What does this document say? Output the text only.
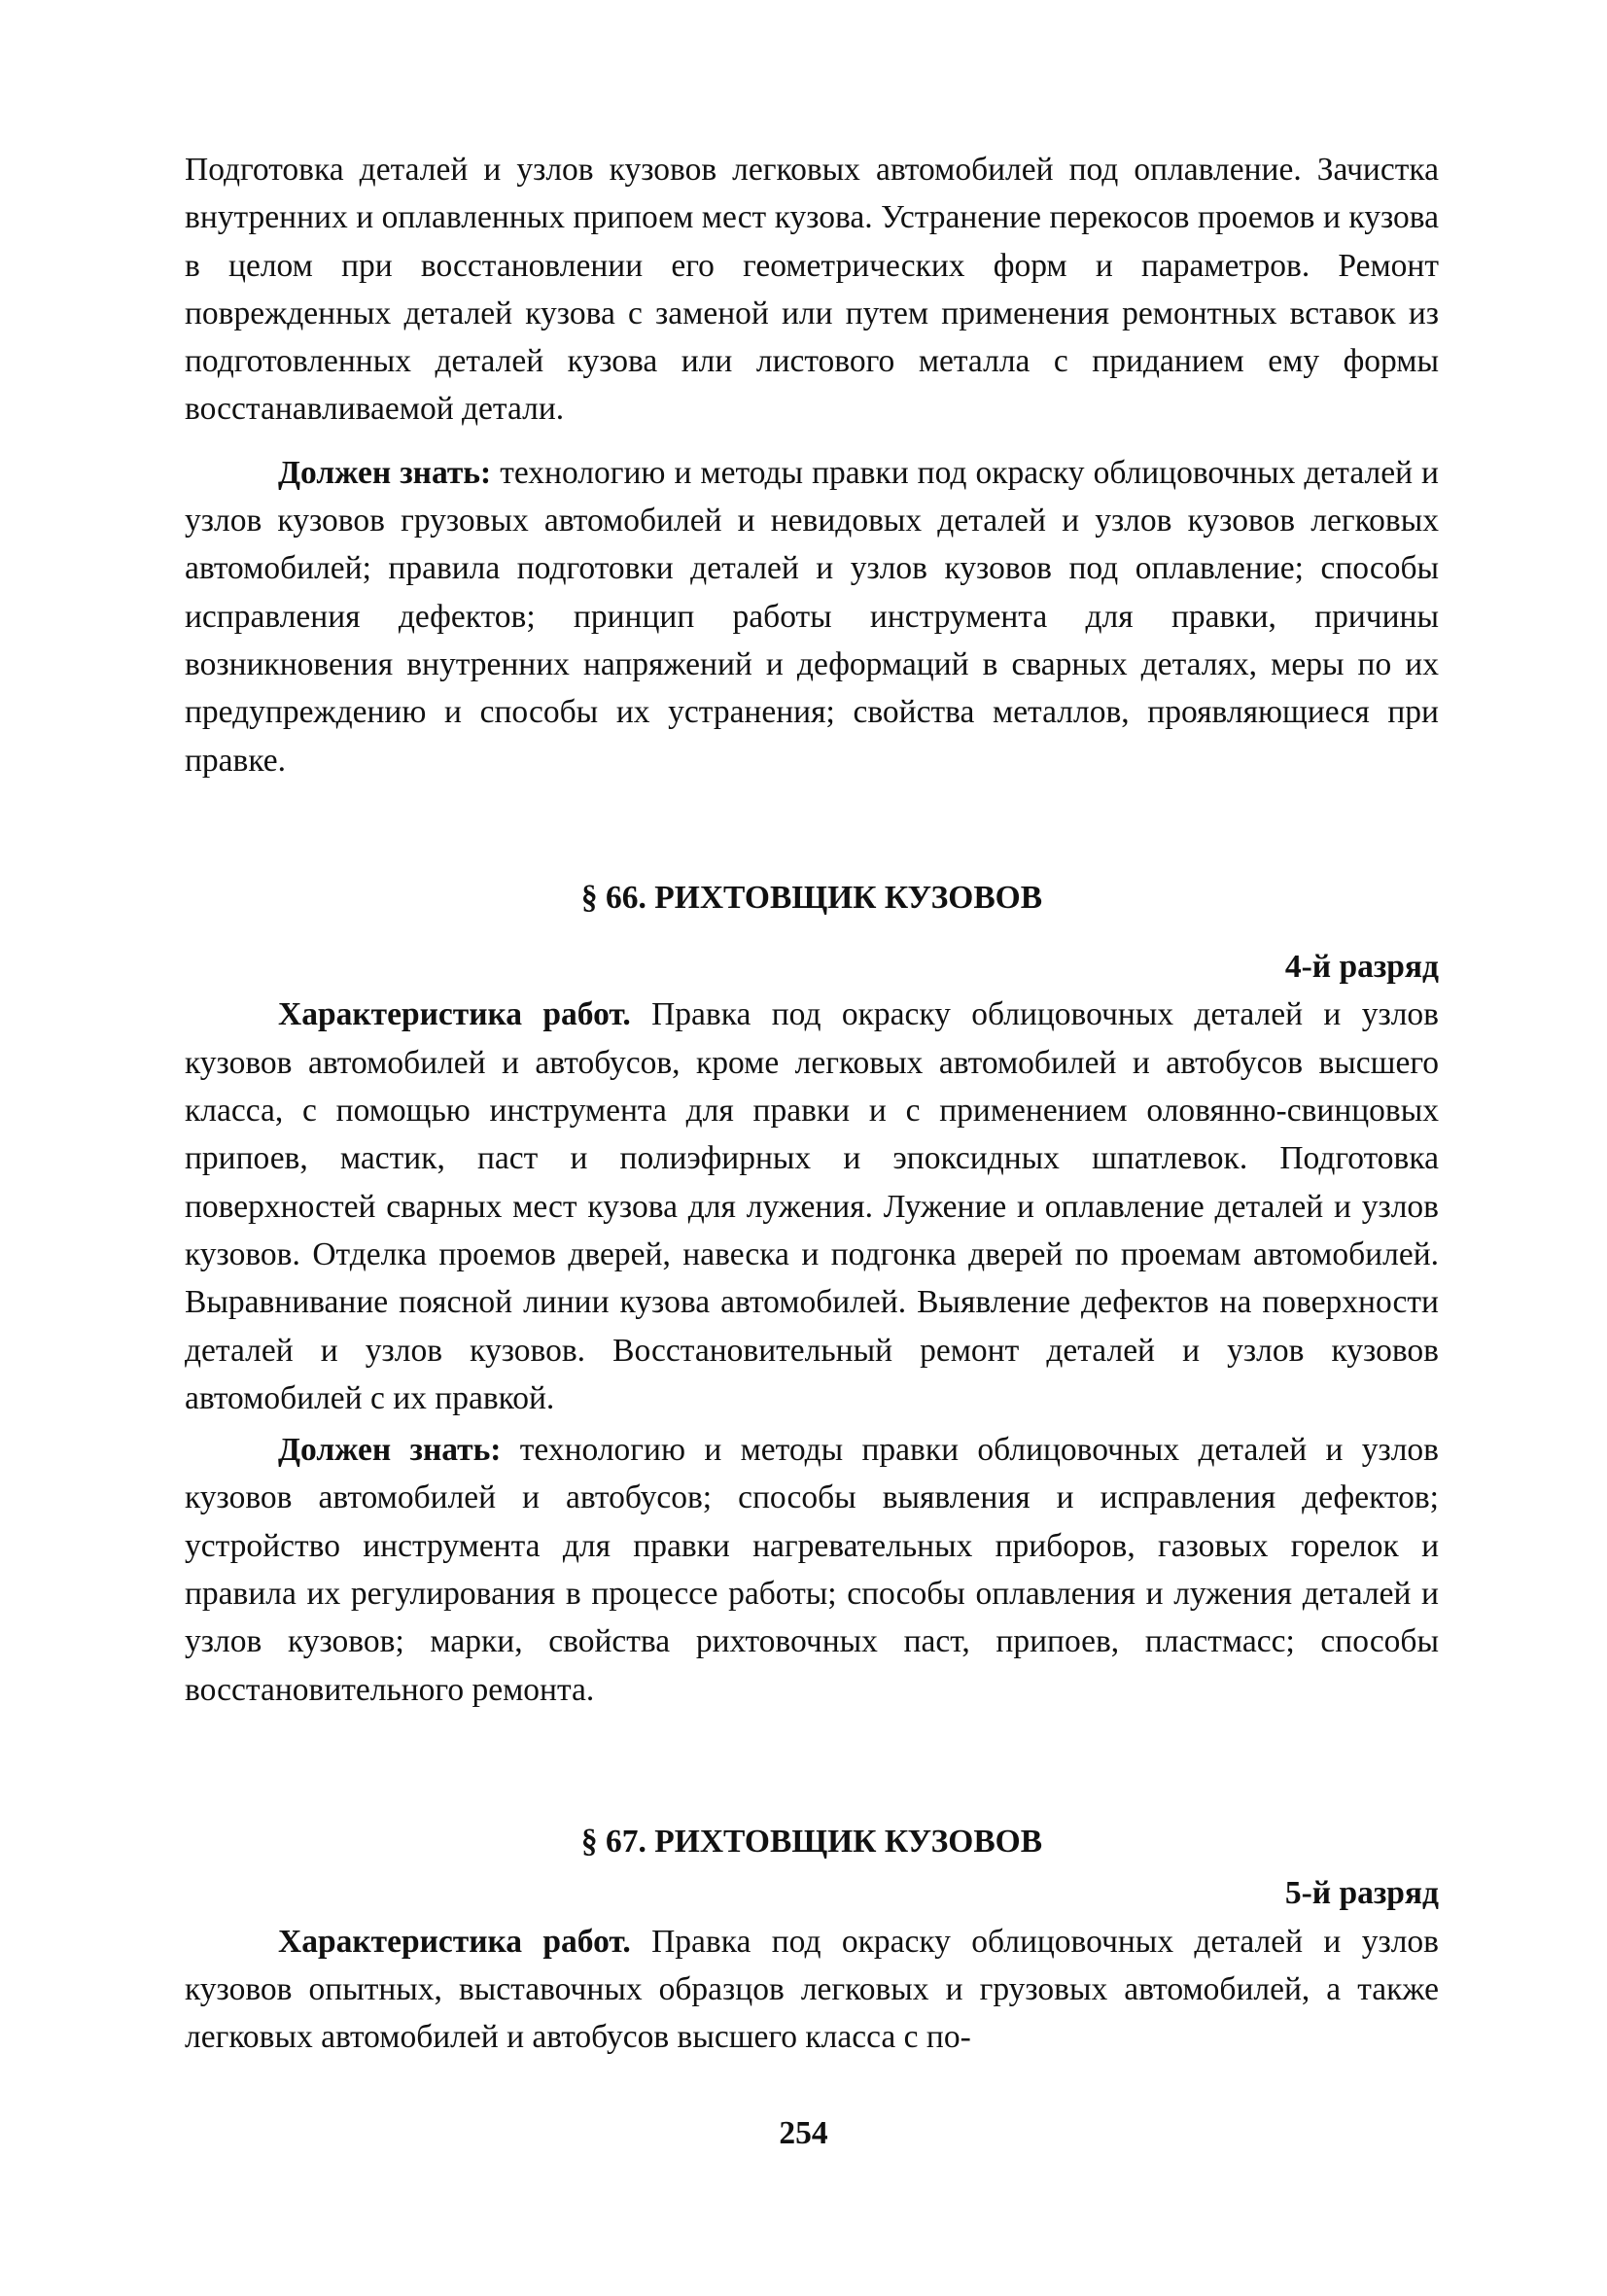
Подготовка деталей и узлов кузовов легковых автомобилей под оплавление. Зачистка внутренних и оплавленных припоем мест кузова. Устранение перекосов проемов и кузова в целом при восстановлении его геометрических форм и параметров. Ремонт поврежденных деталей кузова с заменой или путем применения ремонтных вставок из подготовленных деталей кузова или листового металла с приданием ему формы восстанавливаемой детали.

Должен знать: технологию и методы правки под окраску облицовочных деталей и узлов кузовов грузовых автомобилей и невидовых деталей и узлов кузовов легковых автомобилей; правила подготовки деталей и узлов кузовов под оплавление; способы исправления дефектов; принцип работы инструмента для правки, причины возникновения внутренних напряжений и деформаций в сварных деталях, меры по их предупреждению и способы их устранения; свойства металлов, проявляющиеся при правке.

§ 66. РИХТОВЩИК КУЗОВОВ
4-й разряд

Характеристика работ. Правка под окраску облицовочных деталей и узлов кузовов автомобилей и автобусов, кроме легковых автомобилей и автобусов высшего класса, с помощью инструмента для правки и с применением оловянно-свинцовых припоев, мастик, паст и полиэфирных и эпоксидных шпатлевок. Подготовка поверхностей сварных мест кузова для лужения. Лужение и оплавление деталей и узлов кузовов. Отделка проемов дверей, навеска и подгонка дверей по проемам автомобилей. Выравнивание поясной линии кузова автомобилей. Выявление дефектов на поверхности деталей и узлов кузовов. Восстановительный ремонт деталей и узлов кузовов автомобилей с их правкой.

Должен знать: технологию и методы правки облицовочных деталей и узлов кузовов автомобилей и автобусов; способы выявления и исправления дефектов; устройство инструмента для правки нагревательных приборов, газовых горелок и правила их регулирования в процессе работы; способы оплавления и лужения деталей и узлов кузовов; марки, свойства рихтовочных паст, припоев, пластмасс; способы восстановительного ремонта.

§ 67. РИХТОВЩИК КУЗОВОВ
5-й разряд

Характеристика работ. Правка под окраску облицовочных деталей и узлов кузовов опытных, выставочных образцов легковых и грузовых автомобилей, а также легковых автомобилей и автобусов высшего класса с по-

254
